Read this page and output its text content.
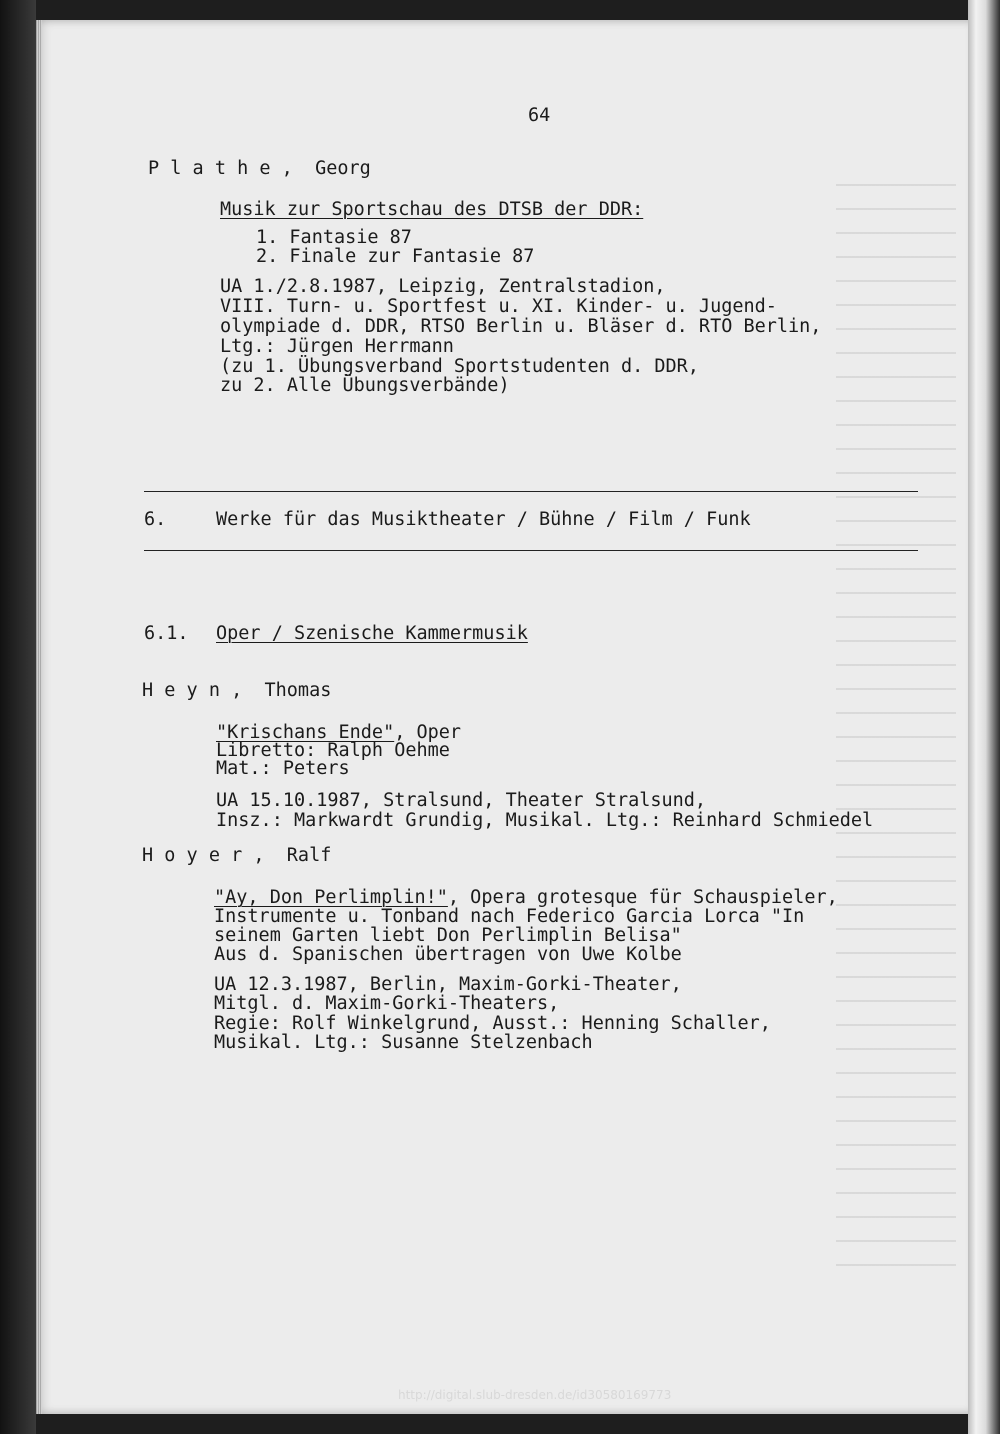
64
P l a t h e ,  Georg
Musik zur Sportschau des DTSB der DDR:
1. Fantasie 87
2. Finale zur Fantasie 87
UA 1./2.8.1987, Leipzig, Zentralstadion,
VIII. Turn- u. Sportfest u. XI. Kinder- u. Jugend-
olympiade d. DDR, RTSO Berlin u. Bläser d. RTO Berlin,
Ltg.: Jürgen Herrmann
(zu 1. Übungsverband Sportstudenten d. DDR,
zu 2. Alle Übungsverbände)
6.	Werke für das Musiktheater / Bühne / Film / Funk
6.1. Oper / Szenische Kammermusik
H e y n ,  Thomas
"Krischans Ende", Oper
Libretto: Ralph Oehme
Mat.: Peters
UA 15.10.1987, Stralsund, Theater Stralsund,
Insz.: Markwardt Grundig, Musikal. Ltg.: Reinhard Schmiedel
H o y e r ,  Ralf
"Ay, Don Perlimplin!", Opera grotesque für Schauspieler,
Instrumente u. Tonband nach Federico Garcia Lorca "In
seinem Garten liebt Don Perlimplin Belisa"
Aus d. Spanischen übertragen von Uwe Kolbe
UA 12.3.1987, Berlin, Maxim-Gorki-Theater,
Mitgl. d. Maxim-Gorki-Theaters,
Regie: Rolf Winkelgrund, Ausst.: Henning Schaller,
Musikal. Ltg.: Susanne Stelzenbach
http://digital.slub-dresden.de/id30580169773
